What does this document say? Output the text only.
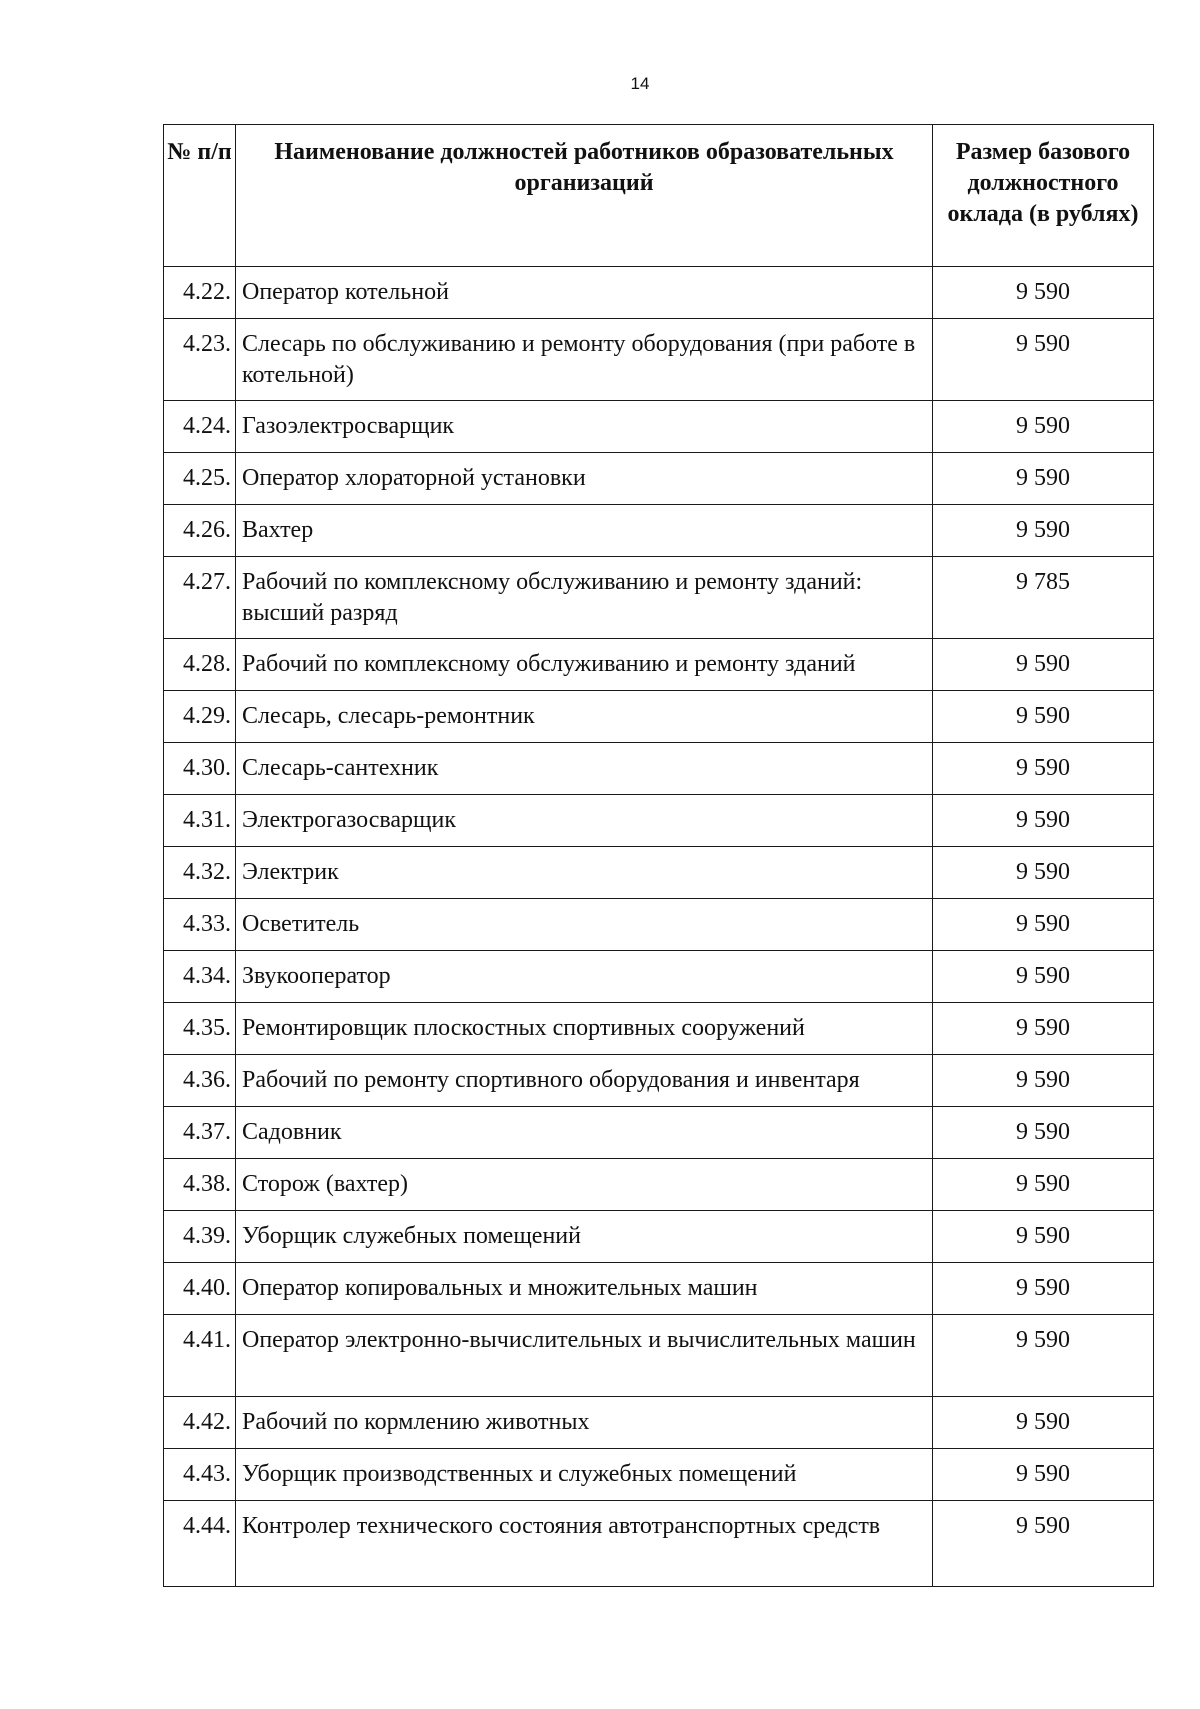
14
№ п/п	Наименование должностей работников образовательных организаций	Размер базового должностного оклада (в рублях)
4.22.	Оператор котельной	9 590
4.23.	Слесарь по обслуживанию и ремонту оборудования (при работе в котельной)	9 590
4.24.	Газоэлектросварщик	9 590
4.25.	Оператор хлораторной установки	9 590
4.26.	Вахтер	9 590
4.27.	Рабочий по комплексному обслуживанию и ремонту зданий: высший разряд	9 785
4.28.	Рабочий по комплексному обслуживанию и ремонту зданий	9 590
4.29.	Слесарь, слесарь-ремонтник	9 590
4.30.	Слесарь-сантехник	9 590
4.31.	Электрогазосварщик	9 590
4.32.	Электрик	9 590
4.33.	Осветитель	9 590
4.34.	Звукооператор	9 590
4.35.	Ремонтировщик плоскостных спортивных сооружений	9 590
4.36.	Рабочий по ремонту спортивного оборудования и инвентаря	9 590
4.37.	Садовник	9 590
4.38.	Сторож (вахтер)	9 590
4.39.	Уборщик служебных помещений	9 590
4.40.	Оператор копировальных и множительных машин	9 590
4.41.	Оператор электронно-вычислительных и вычислительных машин	9 590
4.42.	Рабочий по кормлению животных	9 590
4.43.	Уборщик производственных и служебных помещений	9 590
4.44.	Контролер технического состояния автотранспортных средств	9 590
